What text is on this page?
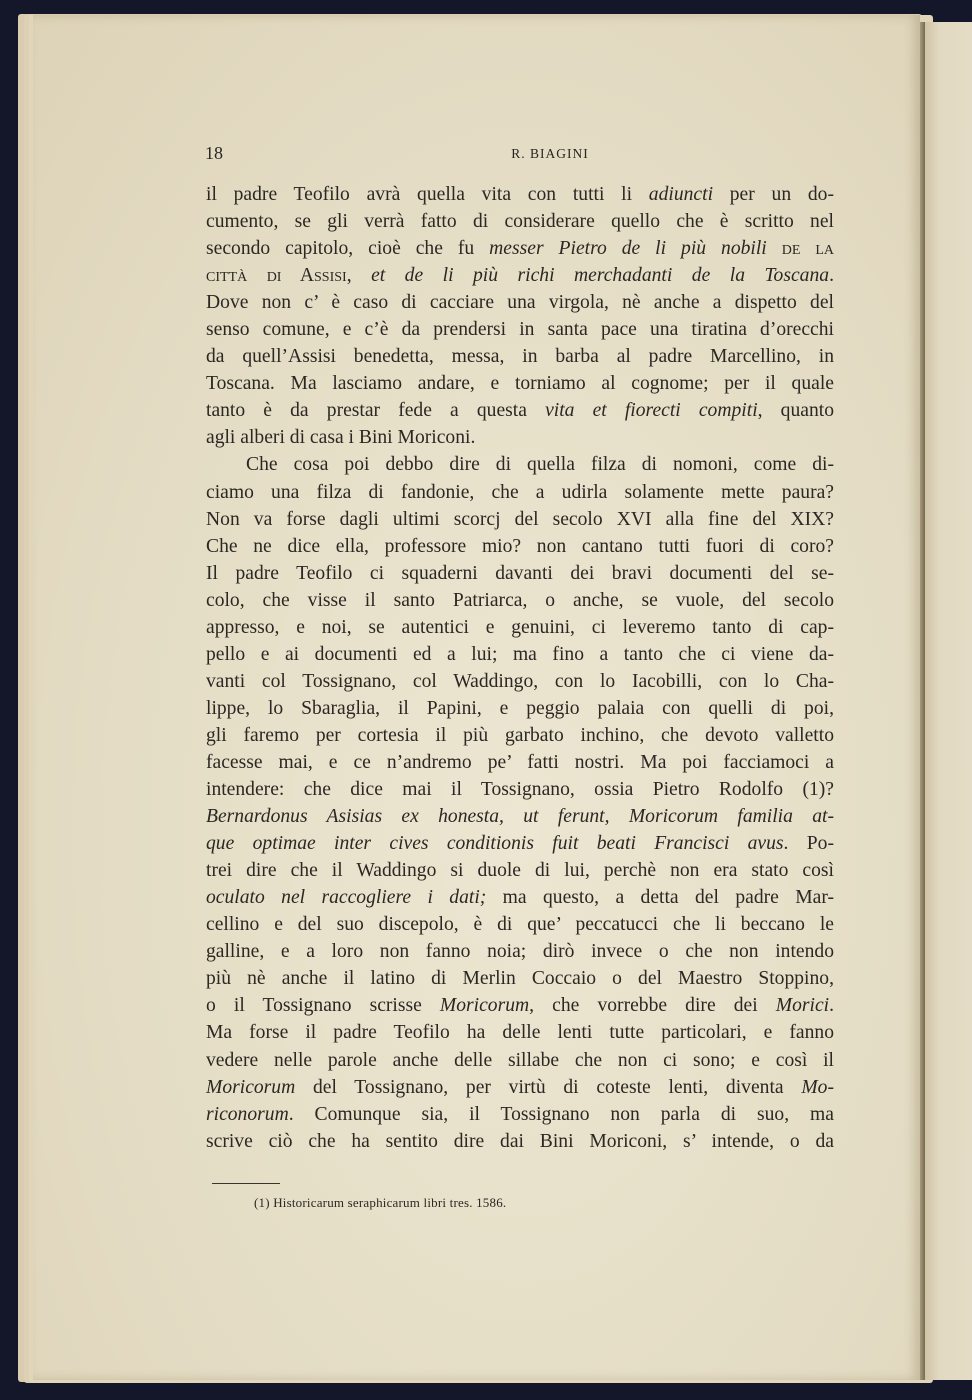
18	R. BIAGINI
il padre Teofilo avrà quella vita con tutti li adiuncti per un do-
cumento, se gli verrà fatto di considerare quello che è scritto nel
secondo capitolo, cioè che fu messer Pietro de li più nobili de la
città di Assisi, et de li più richi merchadanti de la Toscana.
Dove non c’ è caso di cacciare una virgola, nè anche a dispetto del
senso comune, e c’è da prendersi in santa pace una tiratina d’orecchi
da quell’Assisi benedetta, messa, in barba al padre Marcellino, in
Toscana. Ma lasciamo andare, e torniamo al cognome; per il quale
tanto è da prestar fede a questa vita et fiorecti compiti, quanto
agli alberi di casa i Bini Moriconi.
Che cosa poi debbo dire di quella filza di nomoni, come di-
ciamo una filza di fandonie, che a udirla solamente mette paura?
Non va forse dagli ultimi scorcj del secolo XVI alla fine del XIX?
Che ne dice ella, professore mio? non cantano tutti fuori di coro?
Il padre Teofilo ci squaderni davanti dei bravi documenti del se-
colo, che visse il santo Patriarca, o anche, se vuole, del secolo
appresso, e noi, se autentici e genuini, ci leveremo tanto di cap-
pello e ai documenti ed a lui; ma fino a tanto che ci viene da-
vanti col Tossignano, col Waddingo, con lo Iacobilli, con lo Cha-
lippe, lo Sbaraglia, il Papini, e peggio palaia con quelli di poi,
gli faremo per cortesia il più garbato inchino, che devoto valletto
facesse mai, e ce n’andremo pe’ fatti nostri. Ma poi facciamoci a
intendere: che dice mai il Tossignano, ossia Pietro Rodolfo (1)?
Bernardonus Asisias ex honesta, ut ferunt, Moricorum familia at-
que optimae inter cives conditionis fuit beati Francisci avus. Po-
trei dire che il Waddingo si duole di lui, perchè non era stato così
oculato nel raccogliere i dati; ma questo, a detta del padre Mar-
cellino e del suo discepolo, è di que’ peccatucci che li beccano le
galline, e a loro non fanno noia; dirò invece o che non intendo
più nè anche il latino di Merlin Coccaio o del Maestro Stoppino,
o il Tossignano scrisse Moricorum, che vorrebbe dire dei Morici.
Ma forse il padre Teofilo ha delle lenti tutte particolari, e fanno
vedere nelle parole anche delle sillabe che non ci sono; e così il
Moricorum del Tossignano, per virtù di coteste lenti, diventa Mo-
riconorum. Comunque sia, il Tossignano non parla di suo, ma
scrive ciò che ha sentito dire dai Bini Moriconi, s’ intende, o da
(1) Historicarum seraphicarum libri tres. 1586.
